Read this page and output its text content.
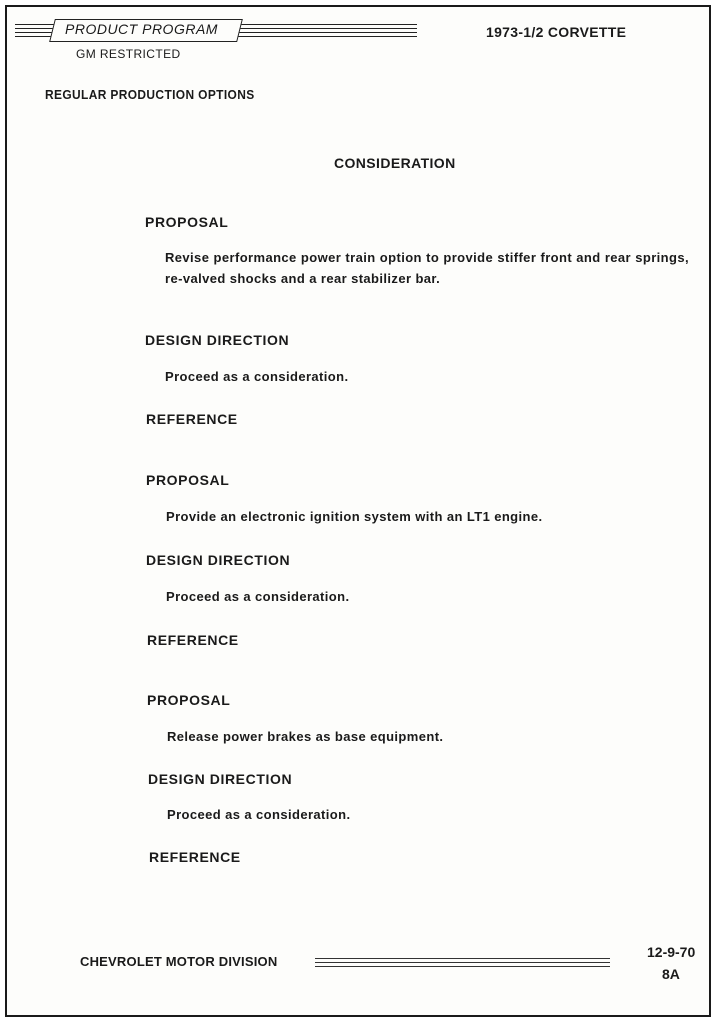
PRODUCT PROGRAM
GM RESTRICTED
1973-1/2 CORVETTE
REGULAR PRODUCTION OPTIONS
CONSIDERATION
PROPOSAL
Revise performance power train option to provide stiffer front and rear springs, re-valved shocks and a rear stabilizer bar.
DESIGN DIRECTION
Proceed as a consideration.
REFERENCE
PROPOSAL
Provide an electronic ignition system with an LT1 engine.
DESIGN DIRECTION
Proceed as a consideration.
REFERENCE
PROPOSAL
Release power brakes as base equipment.
DESIGN DIRECTION
Proceed as a consideration.
REFERENCE
CHEVROLET MOTOR DIVISION
12-9-70
8A
